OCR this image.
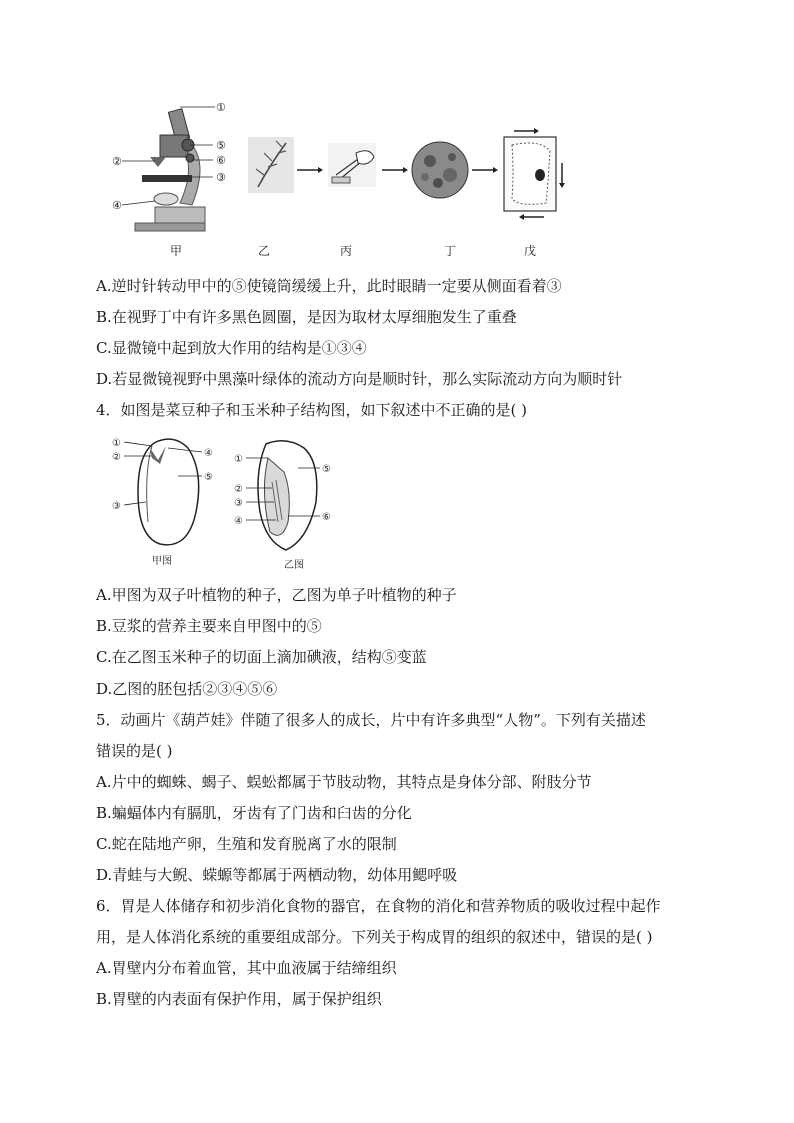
①
②
③
④
⑤
⑥
甲	乙	丙	丁	戊
A.逆时针转动甲中的⑤使镜筒缓缓上升，此时眼睛一定要从侧面看着③
B.在视野丁中有许多黑色圆圈，是因为取材太厚细胞发生了重叠
C.显微镜中起到放大作用的结构是①③④
D.若显微镜视野中黑藻叶绿体的流动方向是顺时针，那么实际流动方向为顺时针
4．如图是菜豆种子和玉米种子结构图，如下叙述中不正确的是( )
①
②
③
④
⑤
甲图
①
②
③
④
⑤
⑥
乙图
A.甲图为双子叶植物的种子，乙图为单子叶植物的种子
B.豆浆的营养主要来自甲图中的⑤
C.在乙图玉米种子的切面上滴加碘液，结构⑤变蓝
D.乙图的胚包括②③④⑤⑥
5．动画片《葫芦娃》伴随了很多人的成长，片中有许多典型“人物”。下列有关描述
错误的是( )
A.片中的蜘蛛、蝎子、蜈蚣都属于节肢动物，其特点是身体分部、附肢分节
B.蝙蝠体内有膈肌，牙齿有了门齿和臼齿的分化
C.蛇在陆地产卵，生殖和发育脱离了水的限制
D.青蛙与大鲵、蝾螈等都属于两栖动物，幼体用鳃呼吸
6．胃是人体储存和初步消化食物的器官，在食物的消化和营养物质的吸收过程中起作
用，是人体消化系统的重要组成部分。下列关于构成胃的组织的叙述中，错误的是( )
A.胃壁内分布着血管，其中血液属于结缔组织
B.胃壁的内表面有保护作用，属于保护组织
